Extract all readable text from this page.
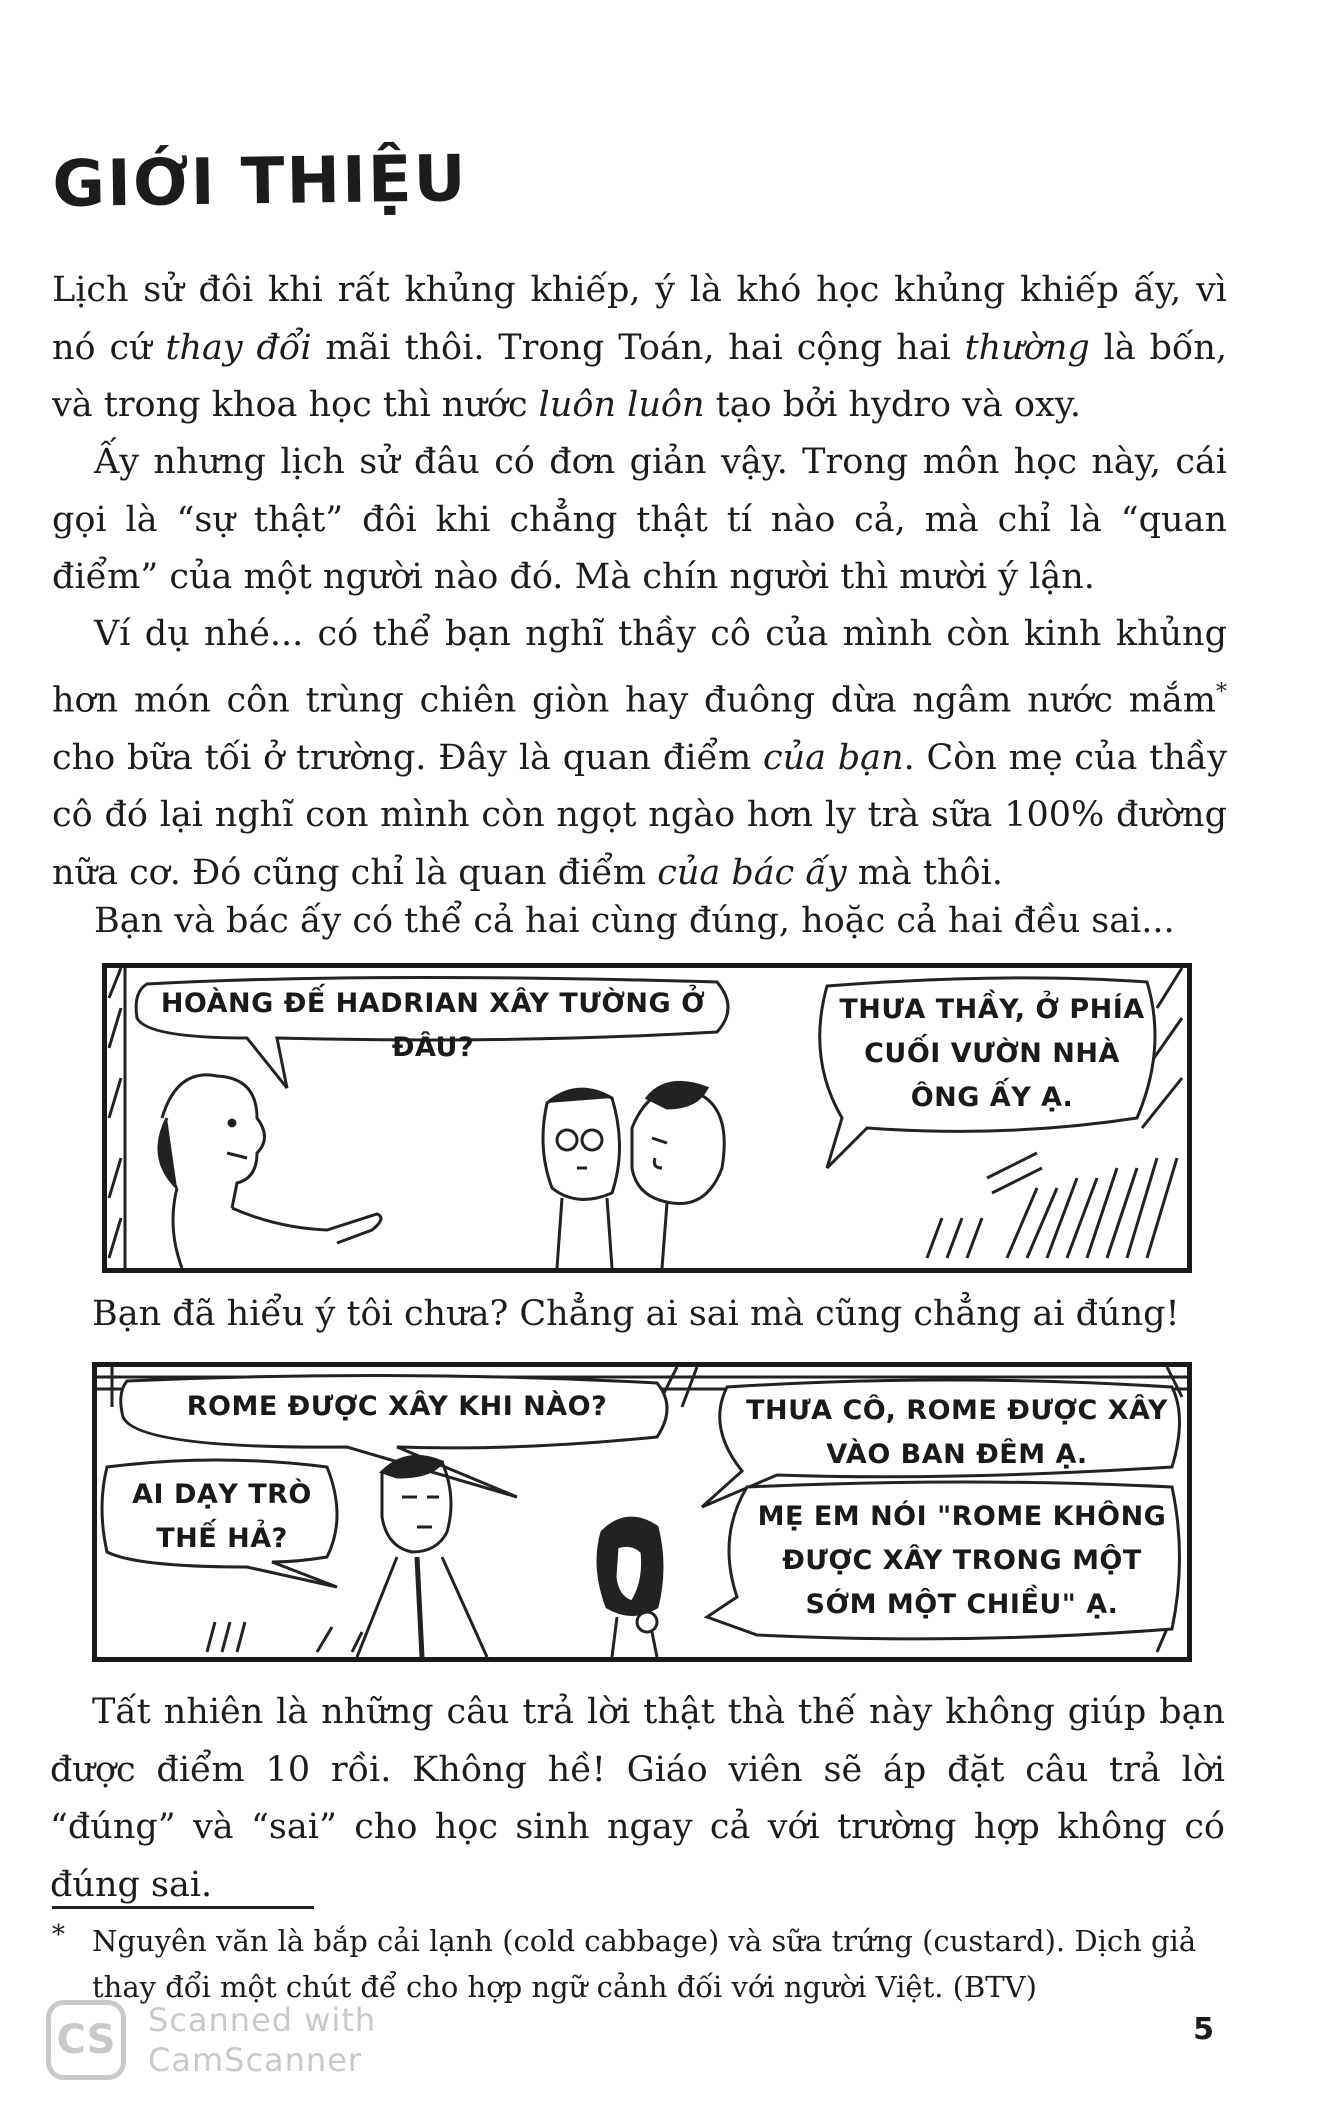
GIỚI THIỆU

Lịch sử đôi khi rất khủng khiếp, ý là khó học khủng khiếp ấy, vì nó cứ thay đổi mãi thôi. Trong Toán, hai cộng hai thường là bốn, và trong khoa học thì nước luôn luôn tạo bởi hydro và oxy.

Ấy nhưng lịch sử đâu có đơn giản vậy. Trong môn học này, cái gọi là “sự thật” đôi khi chẳng thật tí nào cả, mà chỉ là “quan điểm” của một người nào đó. Mà chín người thì mười ý lận.

Ví dụ nhé... có thể bạn nghĩ thầy cô của mình còn kinh khủng hơn món côn trùng chiên giòn hay đuông dừa ngâm nước mắm* cho bữa tối ở trường. Đây là quan điểm của bạn. Còn mẹ của thầy cô đó lại nghĩ con mình còn ngọt ngào hơn ly trà sữa 100% đường nữa cơ. Đó cũng chỉ là quan điểm của bác ấy mà thôi.

Bạn và bác ấy có thể cả hai cùng đúng, hoặc cả hai đều sai...

HOÀNG ĐẾ HADRIAN XÂY TƯỜNG Ở ĐÂU?
THƯA THẦY, Ở PHÍA
CUỐI VƯỜN NHÀ
ÔNG ẤY Ạ.

Bạn đã hiểu ý tôi chưa? Chẳng ai sai mà cũng chẳng ai đúng!

ROME ĐƯỢC XÂY KHI NÀO?
AI DẠY TRÒ
THẾ HẢ?
THƯA CÔ, ROME ĐƯỢC XÂY
VÀO BAN ĐÊM Ạ.
MẸ EM NÓI "ROME KHÔNG
ĐƯỢC XÂY TRONG MỘT
SỚM MỘT CHIỀU" Ạ.

Tất nhiên là những câu trả lời thật thà thế này không giúp bạn được điểm 10 rồi. Không hề! Giáo viên sẽ áp đặt câu trả lời “đúng” và “sai” cho học sinh ngay cả với trường hợp không có đúng sai.

* Nguyên văn là bắp cải lạnh (cold cabbage) và sữa trứng (custard). Dịch giả thay đổi một chút để cho hợp ngữ cảnh đối với người Việt. (BTV)
CS	Scanned with
CamScanner
5
